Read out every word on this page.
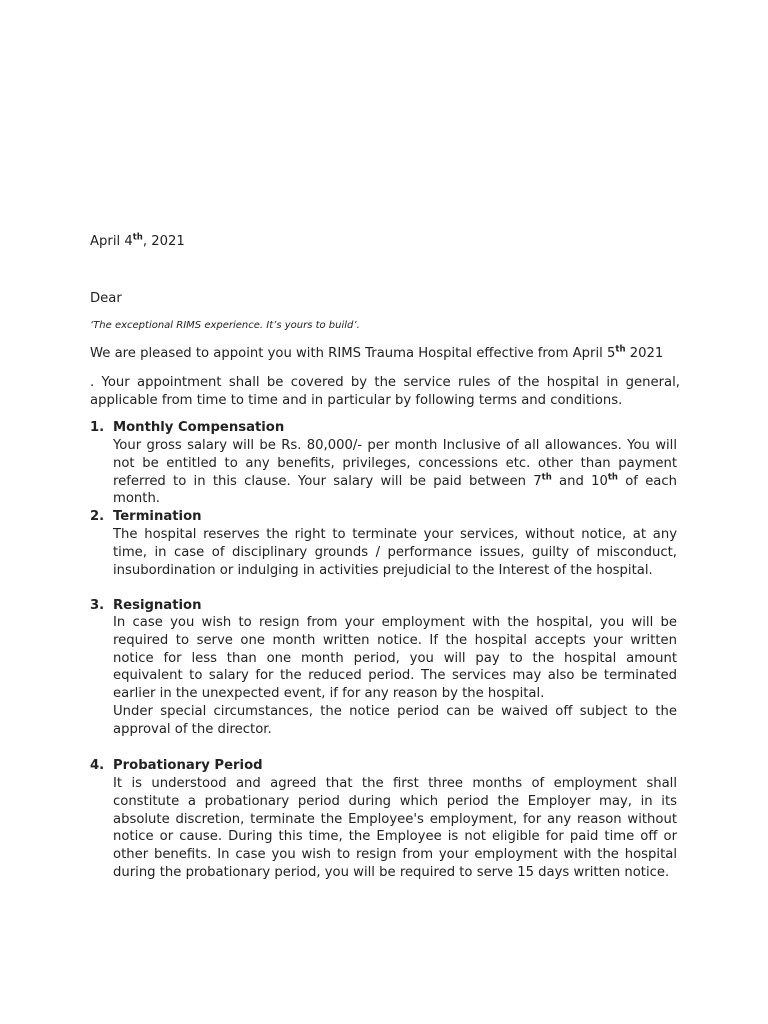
April 4th, 2021
Dear
‘The exceptional RIMS experience. It’s yours to build’.
We are pleased to appoint you with RIMS Trauma Hospital effective from April 5th 2021
. Your appointment shall be covered by the service rules of the hospital in general, applicable from time to time and in particular by following terms and conditions.
1. Monthly Compensation
Your gross salary will be Rs. 80,000/- per month Inclusive of all allowances. You will not be entitled to any benefits, privileges, concessions etc. other than payment referred to in this clause. Your salary will be paid between 7th and 10th of each month.
2. Termination
The hospital reserves the right to terminate your services, without notice, at any time, in case of disciplinary grounds / performance issues, guilty of misconduct, insubordination or indulging in activities prejudicial to the Interest of the hospital.
3. Resignation
In case you wish to resign from your employment with the hospital, you will be required to serve one month written notice. If the hospital accepts your written notice for less than one month period, you will pay to the hospital amount equivalent to salary for the reduced period. The services may also be terminated earlier in the unexpected event, if for any reason by the hospital.
Under special circumstances, the notice period can be waived off subject to the approval of the director.
4. Probationary Period
It is understood and agreed that the first three months of employment shall constitute a probationary period during which period the Employer may, in its absolute discretion, terminate the Employee's employment, for any reason without notice or cause. During this time, the Employee is not eligible for paid time off or other benefits. In case you wish to resign from your employment with the hospital during the probationary period, you will be required to serve 15 days written notice.
